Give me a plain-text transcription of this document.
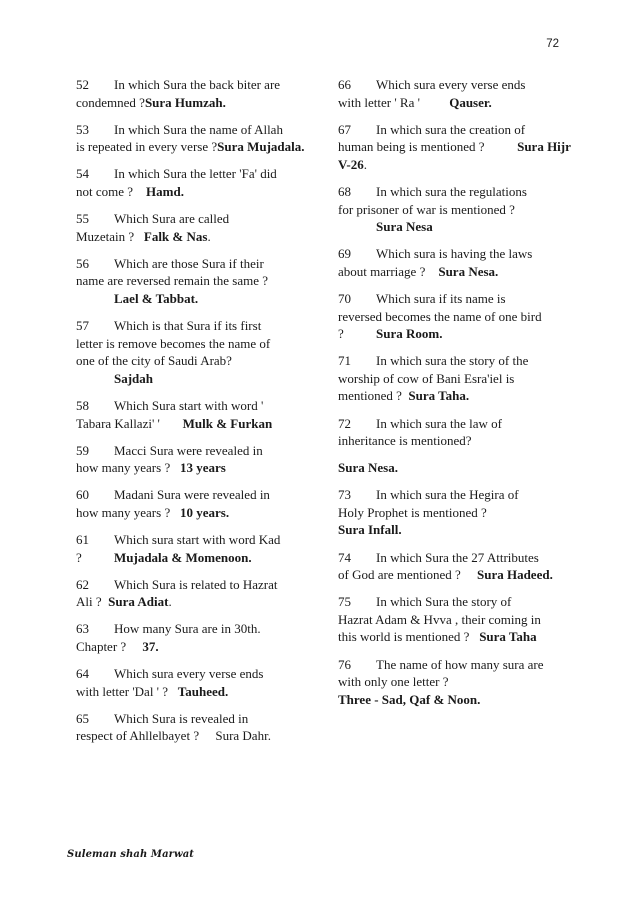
72

52 In which Sura the back biter are
condemned ?Sura Humzah.

53 In which Sura the name of Allah
is repeated in every verse ?Sura Mujadala.

54 In which Sura the letter 'Fa' did
not come ? Hamd.

55 Which Sura are called
Muzetain ? Falk & Nas.

56 Which are those Sura if their
name are reversed remain the same ?
Lael & Tabbat.

57 Which is that Sura if its first
letter is remove becomes the name of
one of the city of Saudi Arab?
Sajdah

58 Which Sura start with word '
Tabara Kallazi' ' Mulk & Furkan

59 Macci Sura were revealed in
how many years ? 13 years

60 Madani Sura were revealed in
how many years ? 10 years.

61 Which sura start with word Kad
? Mujadala & Momenoon.

62 Which Sura is related to Hazrat
Ali ? Sura Adiat.

63 How many Sura are in 30th.
Chapter ? 37.

64 Which sura every verse ends
with letter 'Dal ' ? Tauheed.

65 Which Sura is revealed in
respect of Ahllelbayet ? Sura Dahr.

66 Which sura every verse ends
with letter ' Ra ' Qauser.

67 In which sura the creation of
human being is mentioned ?	Sura Hijr V-26.

68 In which sura the regulations
for prisoner of war is mentioned ?
Sura Nesa

69 Which sura is having the laws
about marriage ? Sura Nesa.

70 Which sura if its name is
reversed becomes the name of one bird
? Sura Room.

71 In which sura the story of the
worship of cow of Bani Esra'iel is
mentioned ? Sura Taha.

72 In which sura the law of
inheritance is mentioned?

Sura Nesa.

73 In which sura the Hegira of
Holy Prophet is mentioned ?
Sura Infall.

74 In which Sura the 27 Attributes
of God are mentioned ? Sura Hadeed.

75 In which Sura the story of
Hazrat Adam & Hvva , their coming in
this world is mentioned ? Sura Taha

76 The name of how many sura are
with only one letter ?
Three - Sad, Qaf & Noon.

Suleman shah Marwat
